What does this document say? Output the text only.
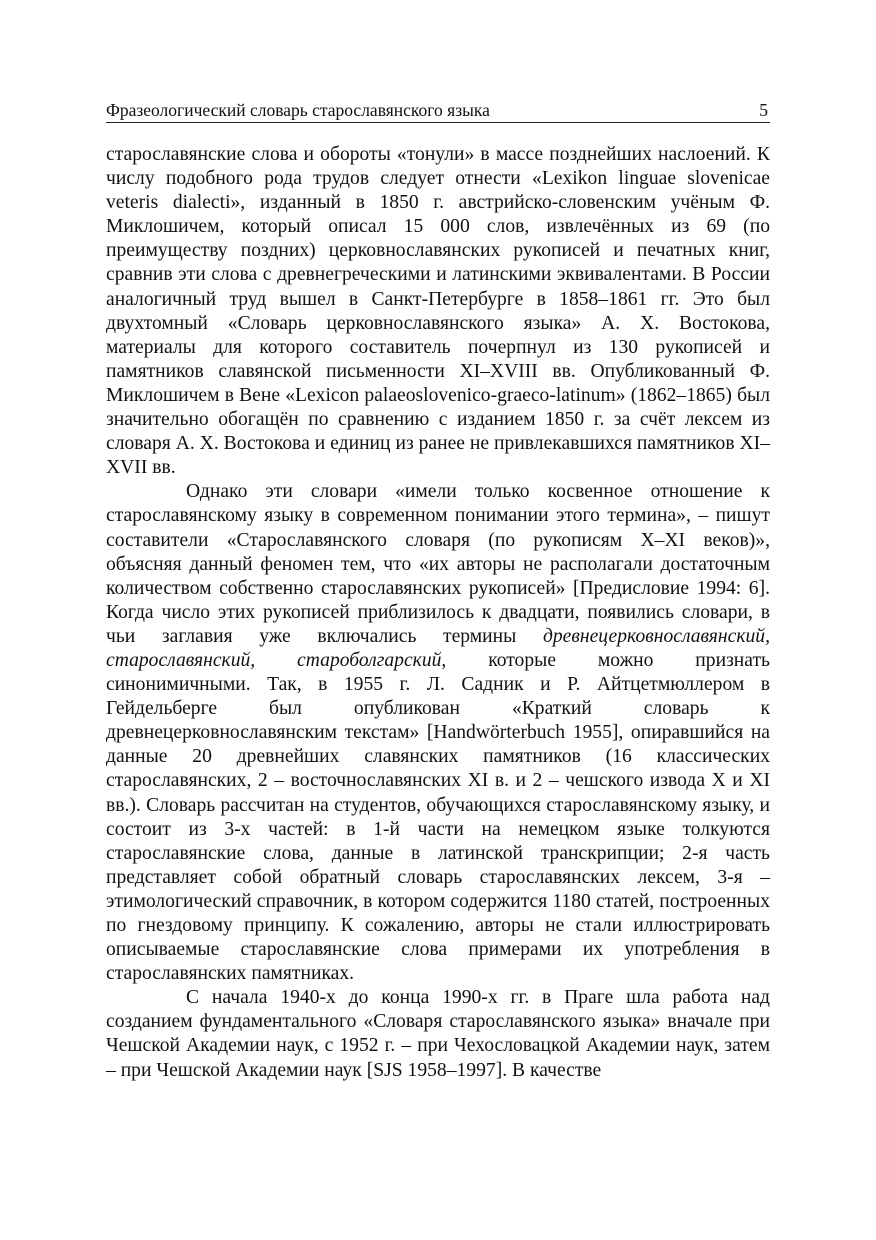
Фразеологический словарь старославянского языка	5

старославянские слова и обороты «тонули» в массе позднейших наслоений. К числу подобного рода трудов следует отнести «Lexikon linguae slovenicae veteris dialecti», изданный в 1850 г. австрийско-словенским учёным Ф. Миклошичем, который описал 15 000 слов, извлечённых из 69 (по преимуществу поздних) церковнославянских рукописей и печатных книг, сравнив эти слова с древнегреческими и латинскими эквивалентами. В России аналогичный труд вышел в Санкт-Петербурге в 1858–1861 гг. Это был двухтомный «Словарь церковнославянского языка» А. Х. Востокова, материалы для которого составитель почерпнул из 130 рукописей и памятников славянской письменности XI–XVIII вв. Опубликованный Ф. Миклошичем в Вене «Lexicon palaeoslovenico-graeco-latinum» (1862–1865) был значительно обогащён по сравнению с изданием 1850 г. за счёт лексем из словаря А. Х. Востокова и единиц из ранее не привлекавшихся памятников XI–XVII вв.

Однако эти словари «имели только косвенное отношение к старославянскому языку в современном понимании этого термина», – пишут составители «Старославянского словаря (по рукописям X–XI веков)», объясняя данный феномен тем, что «их авторы не располагали достаточным количеством собственно старославянских рукописей» [Предисловие 1994: 6]. Когда число этих рукописей приблизилось к двадцати, появились словари, в чьи заглавия уже включались термины древнецерковнославянский, старославянский, староболгарский, которые можно признать синонимичными. Так, в 1955 г. Л. Садник и Р. Айтцетмюллером в Гейдельберге был опубликован «Краткий словарь к древнецерковнославянским текстам» [Handwörterbuch 1955], опиравшийся на данные 20 древнейших славянских памятников (16 классических старославянских, 2 – восточнославянских XI в. и 2 – чешского извода X и XI вв.). Словарь рассчитан на студентов, обучающихся старославянскому языку, и состоит из 3-х частей: в 1-й части на немецком языке толкуются старославянские слова, данные в латинской транскрипции; 2-я часть представляет собой обратный словарь старославянских лексем, 3-я – этимологический справочник, в котором содержится 1180 статей, построенных по гнездовому принципу. К сожалению, авторы не стали иллюстрировать описываемые старославянские слова примерами их употребления в старославянских памятниках.

С начала 1940-х до конца 1990-х гг. в Праге шла работа над созданием фундаментального «Словаря старославянского языка» вначале при Чешской Академии наук, с 1952 г. – при Чехословацкой Академии наук, затем – при Чешской Академии наук [SJS 1958–1997]. В качестве
